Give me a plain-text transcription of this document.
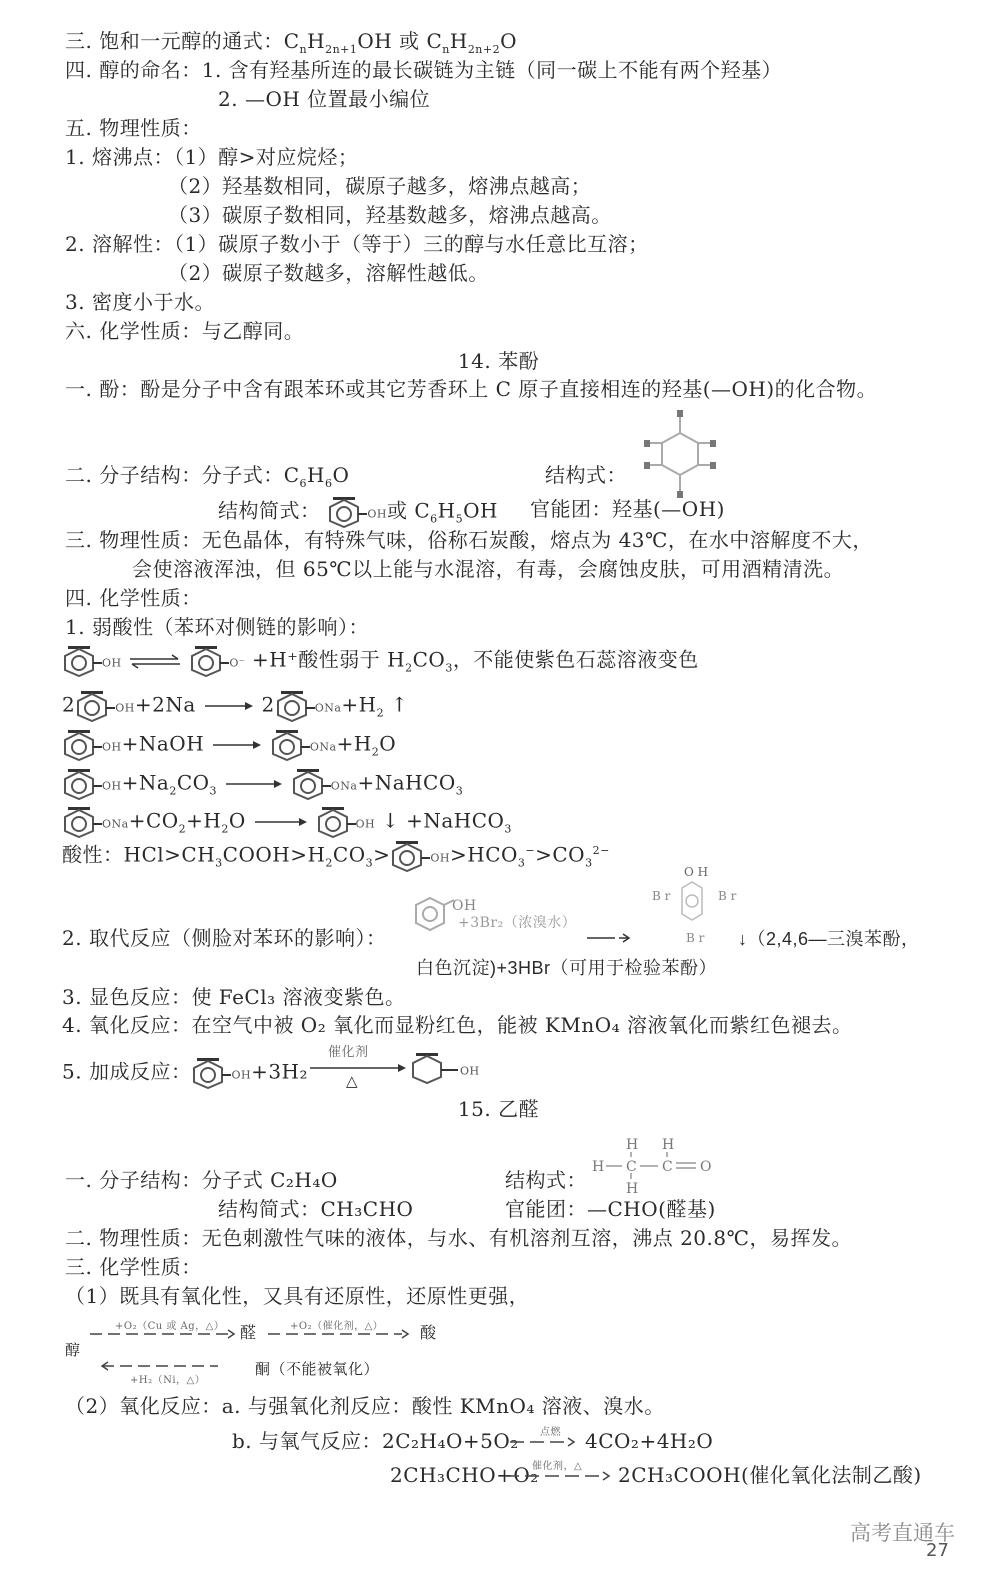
三. 饱和一元醇的通式：$C_nH_{2n+1}OH$ 或 $C_nH_{2n+2}O$
四. 醇的命名：1. 含有羟基所连的最长碳链为主链（同一碳上不能有两个羟基）
2. —OH 位置最小编位
五. 物理性质：
1. 熔沸点：（1）醇>对应烷烃；
（2）羟基数相同，碳原子越多，熔沸点越高；
（3）碳原子数相同，羟基数越多，熔沸点越高。
2. 溶解性：（1）碳原子数小于（等于）三的醇与水任意比互溶；
（2）碳原子数越多，溶解性越低。
3. 密度小于水。
六. 化学性质：与乙醇同。
14. 苯酚
一. 酚：酚是分子中含有跟苯环或其它芳香环上 C 原子直接相连的羟基(—OH)的化合物。
二. 分子结构：分子式：$C_6H_6O$	结构式：
结构简式：	OH或 $C_6H_5OH$ 官能团：羟基(—OH)
三. 物理性质：无色晶体，有特殊气味，俗称石炭酸，熔点为 43℃，在水中溶解度不大，
会使溶液浑浊，但 65℃以上能与水混溶，有毒，会腐蚀皮肤，可用酒精清洗。
四. 化学性质：
1. 弱酸性（苯环对侧链的影响）：
OH ⇌	O⁻ +H⁺酸性弱于 $H_2CO_3$，不能使紫色石蕊溶液变色
2	OH+2Na → 2	$ONa+H_2$ ↑
OH+NaOH →	$ONa+H_2O$
$OH+Na_2CO_3$	ONa+NaHCO$_3$
$ONa+CO_2+H_2O$ →	OH ↓ +NaHCO$_3$
酸性：$HCl>CH_3COOH>H_2CO_3>$	$OH>HCO_3^->CO_3^{2-}$
2. 取代反应（侧脸对苯环的影响）：
OH
+3Br₂（浓溴水）
O H
B r	B r
B r ↓（2,4,6—三溴苯酚，
白色沉淀)+3HBr（可用于检验苯酚）
3. 显色反应：使 FeCl₃ 溶液变紫色。
4. 氧化反应：在空气中被 O₂ 氧化而显粉红色，能被 KMnO₄ 溶液氧化而紫红色褪去。
5. 加成反应：	OH+3H₂
催化剂
△
OH
15. 乙醛
H H
H C C O
H
一. 分子结构：分子式 C₂H₄O	结构式：
结构简式：CH₃CHO	官能团：—CHO(醛基)
二. 物理性质：无色刺激性气味的液体，与水、有机溶剂互溶，沸点 20.8℃，易挥发。
三. 化学性质：
（1）既具有氧化性，又具有还原性，还原性更强，
+O₂（Cu 或 Ag，△） 醛	+O₂（催化剂，△） 酸
醇
+H₂（Ni，△）
酮（不能被氧化）
（2）氧化反应：a. 与强氧化剂反应：酸性 KMnO₄ 溶液、溴水。
b. 与氧气反应：2C₂H₄O+5O₂ 点燃 4CO₂+4H₂O
2CH₃CHO+O₂
催化剂，△ 2CH₃COOH(催化氧化法制乙酸)
高考直通车
27
